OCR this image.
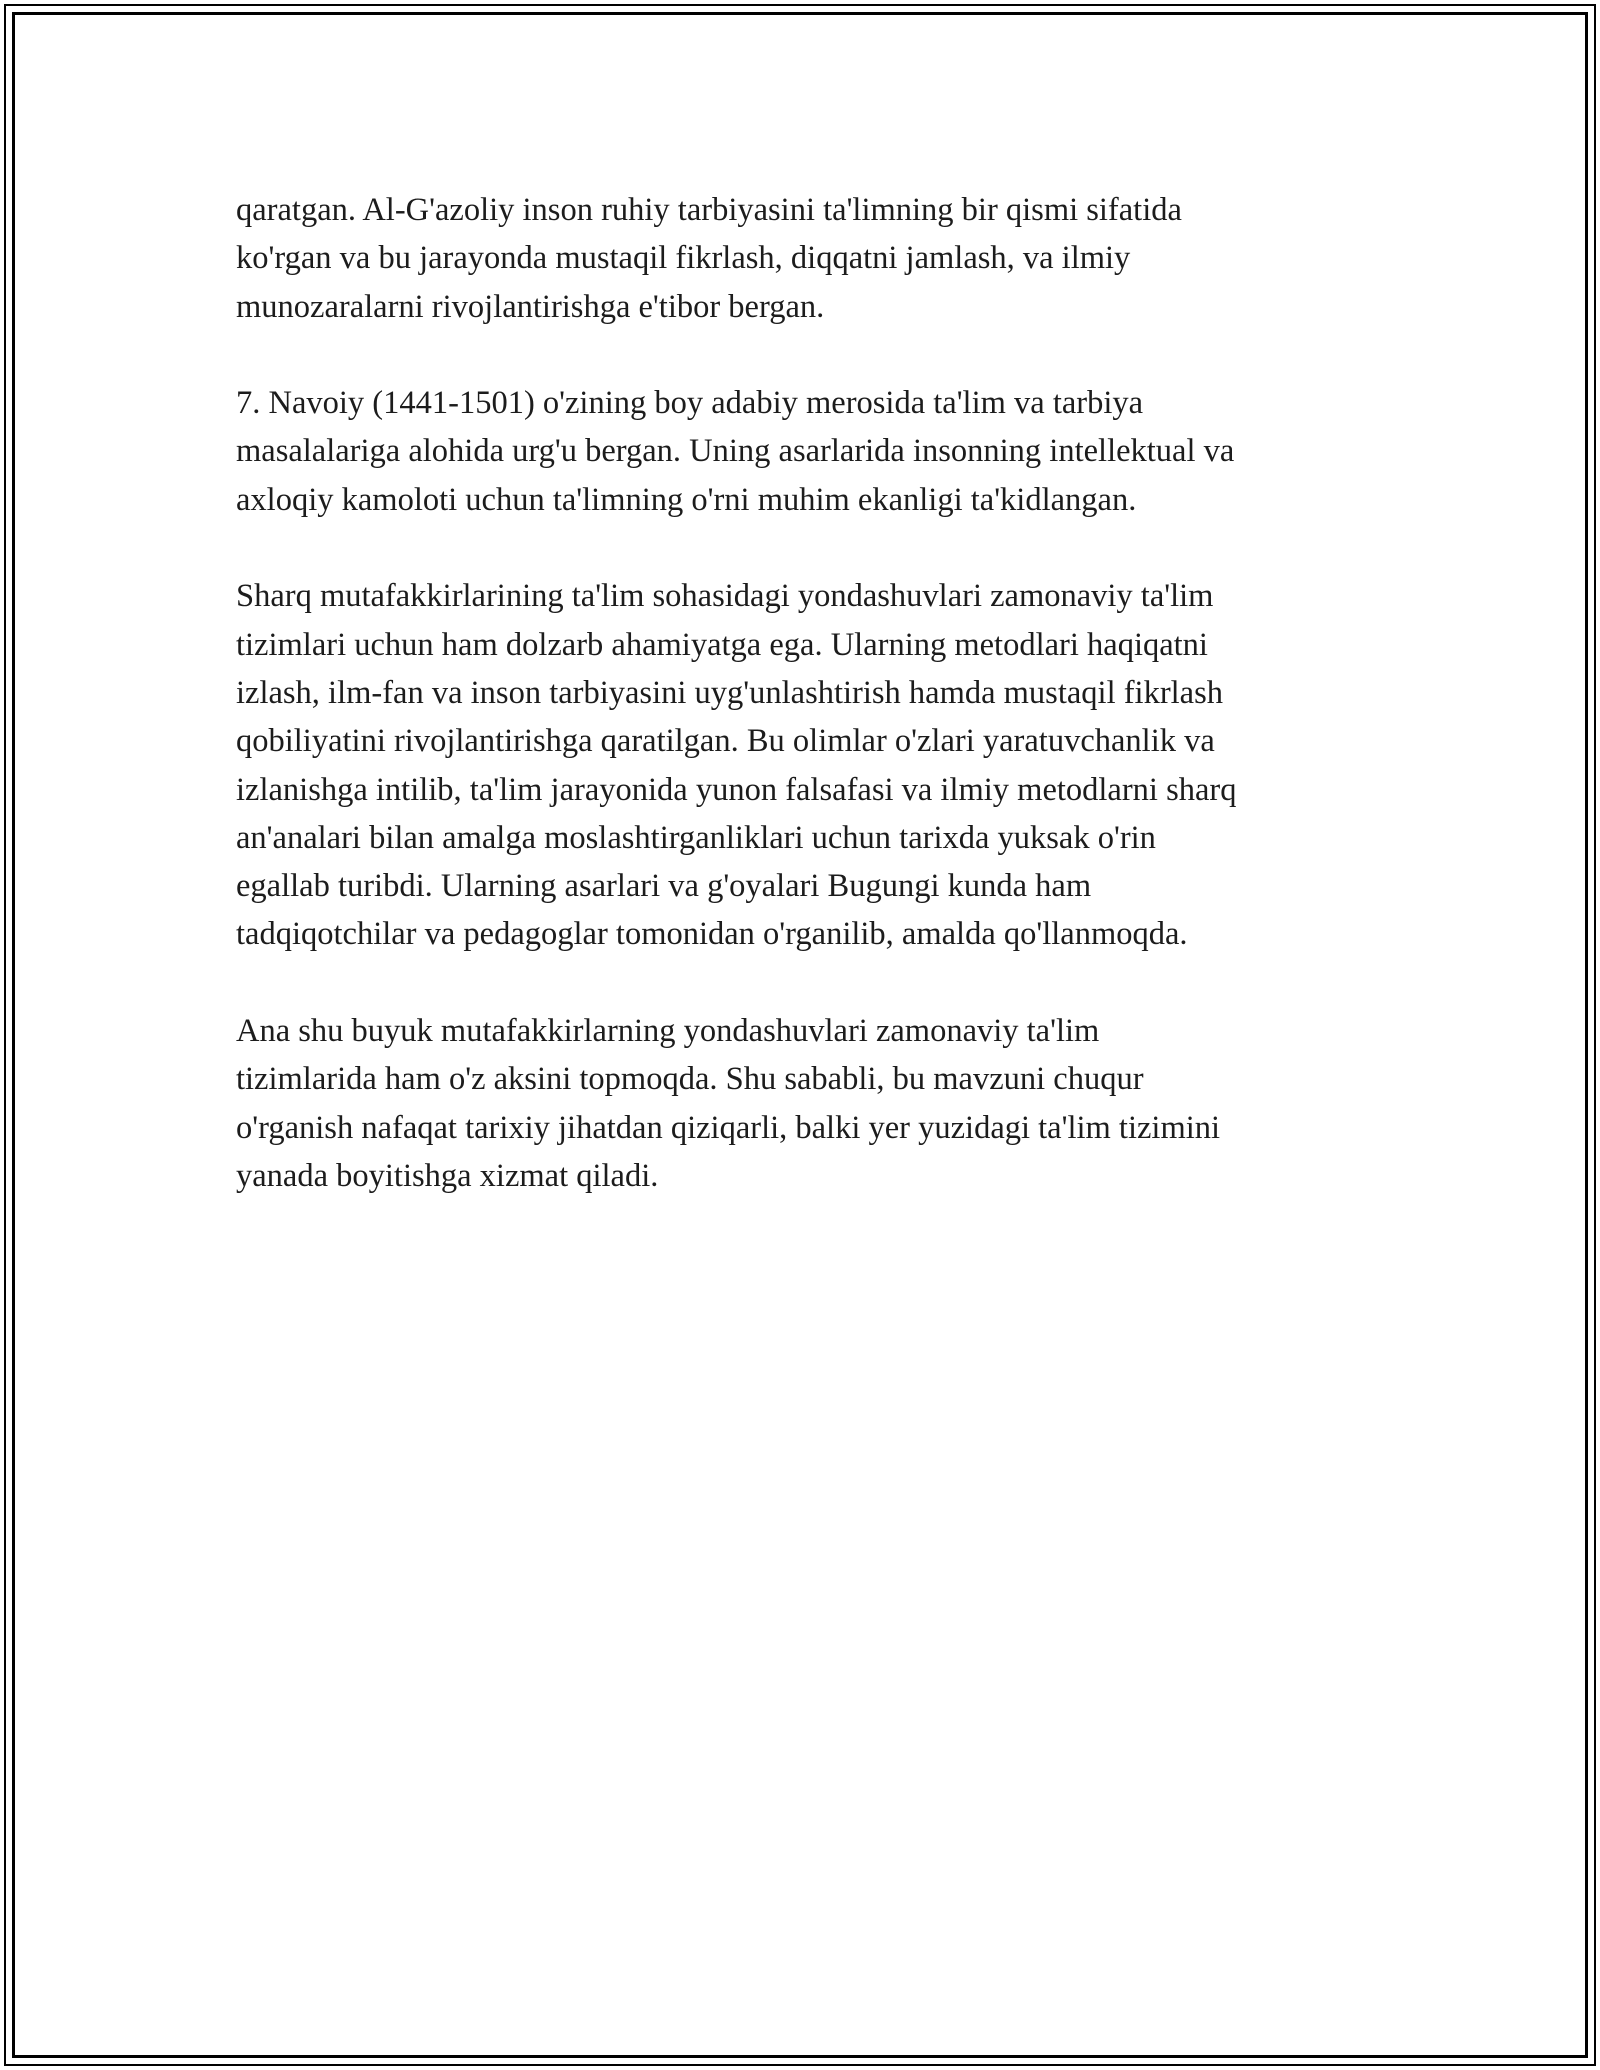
qaratgan. Al-G'azoliy inson ruhiy tarbiyasini ta'limning bir qismi sifatida
ko'rgan va bu jarayonda mustaqil fikrlash, diqqatni jamlash, va ilmiy
munozaralarni rivojlantirishga e'tibor bergan.

7. Navoiy (1441-1501) o'zining boy adabiy merosida ta'lim va tarbiya
masalalariga alohida urg'u bergan. Uning asarlarida insonning intellektual va
axloqiy kamoloti uchun ta'limning o'rni muhim ekanligi ta'kidlangan.

Sharq mutafakkirlarining ta'lim sohasidagi yondashuvlari zamonaviy ta'lim
tizimlari uchun ham dolzarb ahamiyatga ega. Ularning metodlari haqiqatni
izlash, ilm-fan va inson tarbiyasini uyg'unlashtirish hamda mustaqil fikrlash
qobiliyatini rivojlantirishga qaratilgan. Bu olimlar o'zlari yaratuvchanlik va
izlanishga intilib, ta'lim jarayonida yunon falsafasi va ilmiy metodlarni sharq
an'analari bilan amalga moslashtirganliklari uchun tarixda yuksak o'rin
egallab turibdi. Ularning asarlari va g'oyalari Bugungi kunda ham
tadqiqotchilar va pedagoglar tomonidan o'rganilib, amalda qo'llanmoqda.

Ana shu buyuk mutafakkirlarning yondashuvlari zamonaviy ta'lim
tizimlarida ham o'z aksini topmoqda. Shu sababli, bu mavzuni chuqur
o'rganish nafaqat tarixiy jihatdan qiziqarli, balki yer yuzidagi ta'lim tizimini
yanada boyitishga xizmat qiladi.
